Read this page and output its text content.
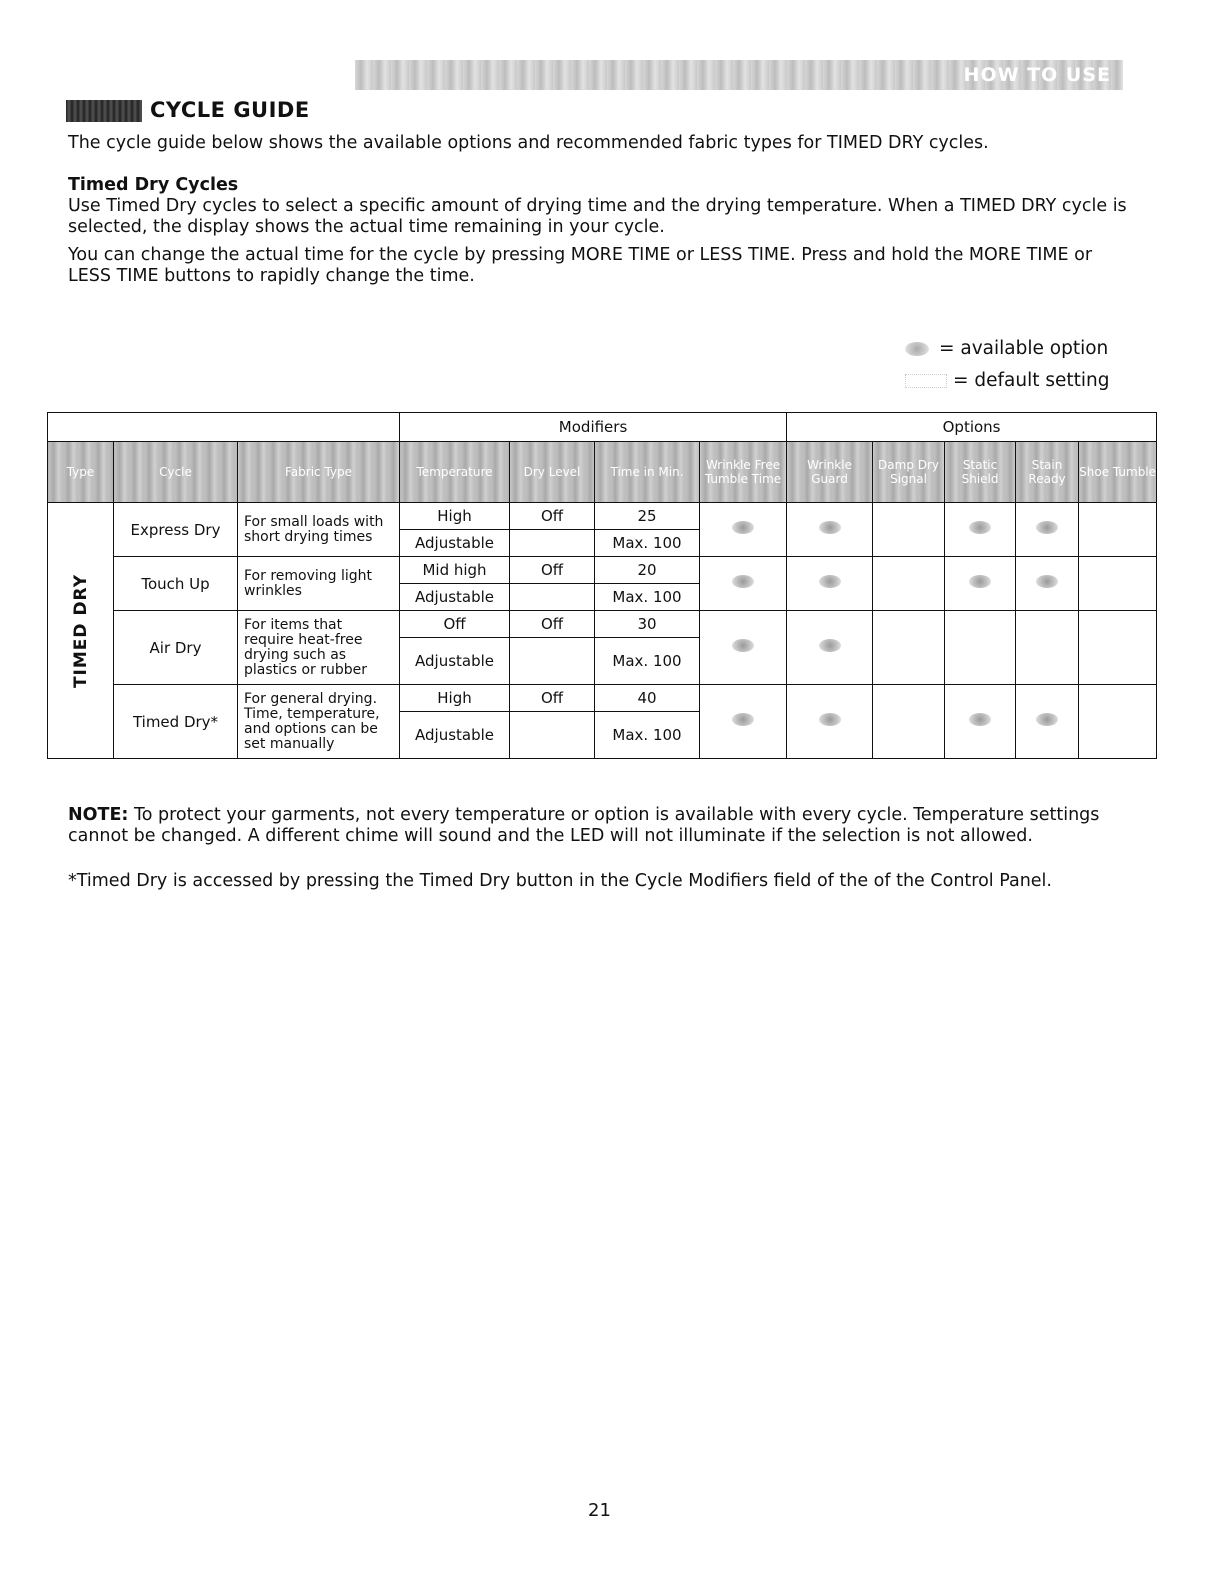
HOW TO USE
CYCLE GUIDE

The cycle guide below shows the available options and recommended fabric types for TIMED DRY cycles.

Timed Dry Cycles

Use Timed Dry cycles to select a specific amount of drying time and the drying temperature. When a TIMED DRY cycle is selected, the display shows the actual time remaining in your cycle.

You can change the actual time for the cycle by pressing MORE TIME or LESS TIME. Press and hold the MORE TIME or LESS TIME buttons to rapidly change the time.

= available option
= default setting
			Modifiers				Options				
Type	Cycle	Fabric Type	Temperature	Dry Level	Time in Min.	Wrinkle Free Tumble Time	Wrinkle Guard	Damp Dry Signal	Static Shield	Stain Ready	Shoe Tumble

TIMED DRY	Express Dry	For small loads with short drying times	High	Off	25						
			Adjustable		Max. 100						
	Touch Up	For removing light wrinkles	Mid high	Off	20						
			Adjustable		Max. 100						
	Air Dry	For items that require heat-free drying such as plastics or rubber	Off	Off	30						
			Adjustable		Max. 100						
	Timed Dry*	For general drying. Time, temperature, and options can be set manually	High	Off	40						
			Adjustable		Max. 100						

NOTE: To protect your garments, not every temperature or option is available with every cycle. Temperature settings cannot be changed. A different chime will sound and the LED will not illuminate if the selection is not allowed.

*Timed Dry is accessed by pressing the Timed Dry button in the Cycle Modifiers field of the of the Control Panel.

21
